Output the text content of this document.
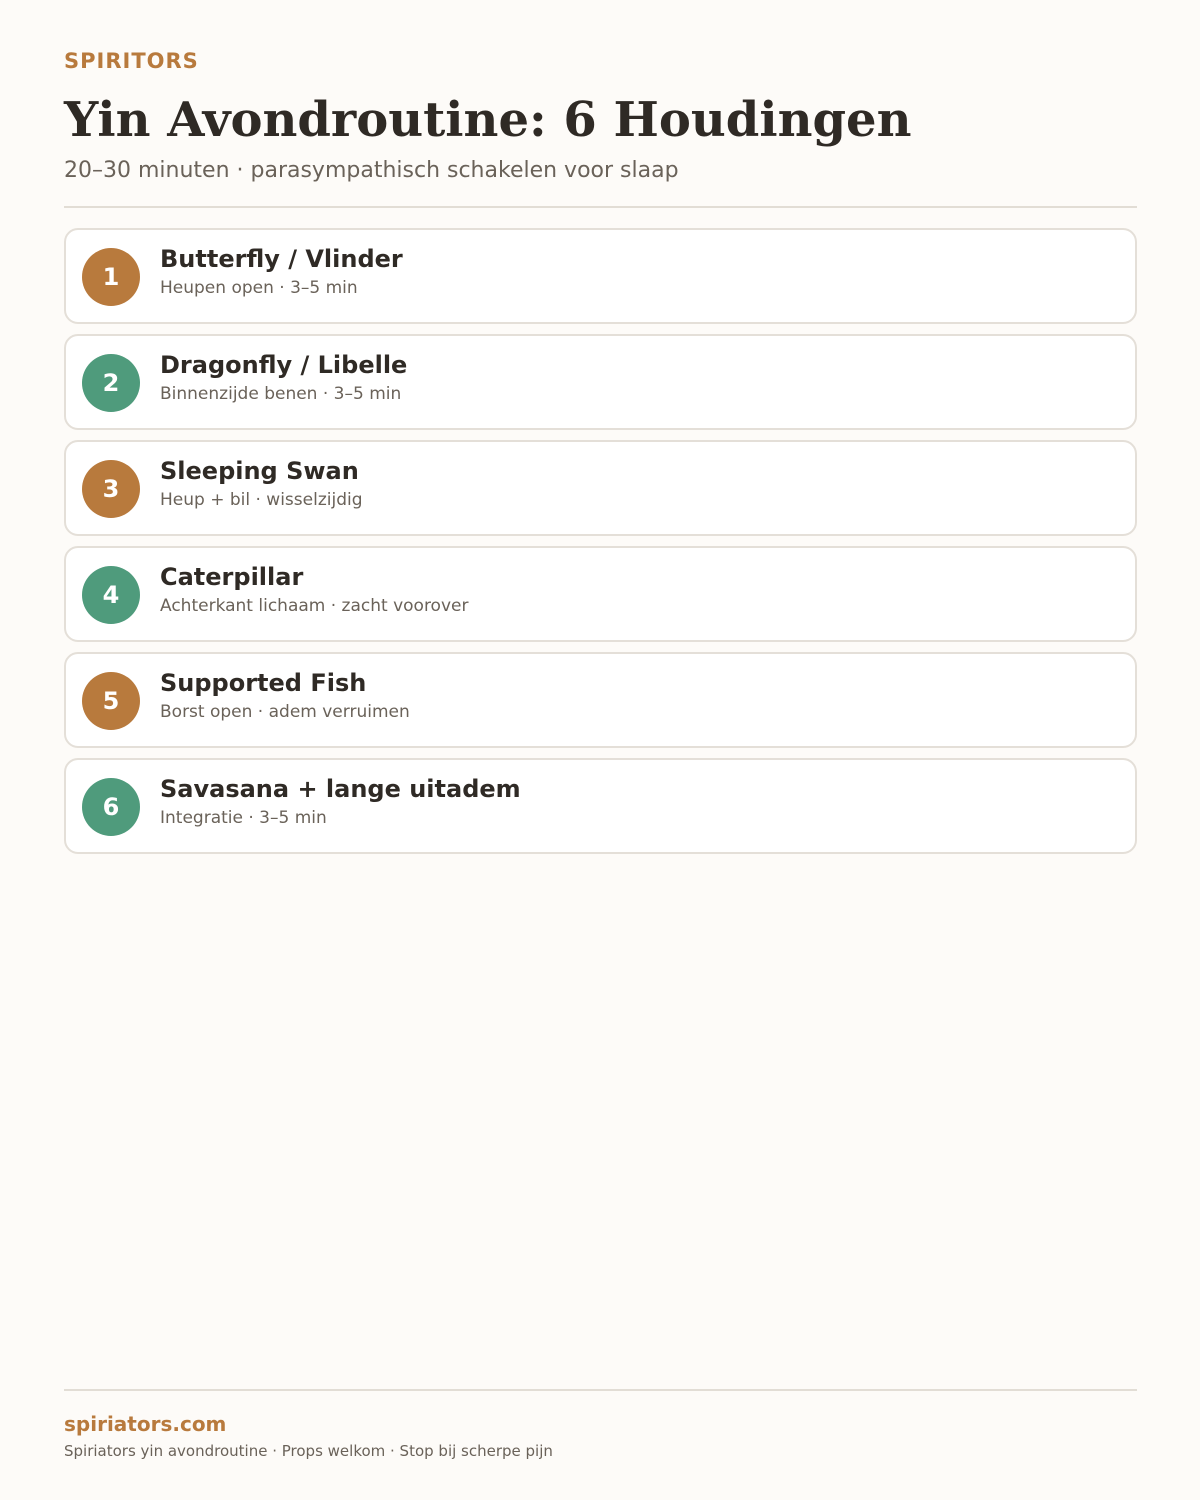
SPIRITORS
Yin Avondroutine: 6 Houdingen
20–30 minuten · parasympathisch schakelen voor slaap
1
Butterfly / Vlinder
Heupen open · 3–5 min
2
Dragonfly / Libelle
Binnenzijde benen · 3–5 min
3
Sleeping Swan
Heup + bil · wisselzijdig
4
Caterpillar
Achterkant lichaam · zacht voorover
5
Supported Fish
Borst open · adem verruimen
6
Savasana + lange uitadem
Integratie · 3–5 min
spiriators.com
Spiriators yin avondroutine · Props welkom · Stop bij scherpe pijn
